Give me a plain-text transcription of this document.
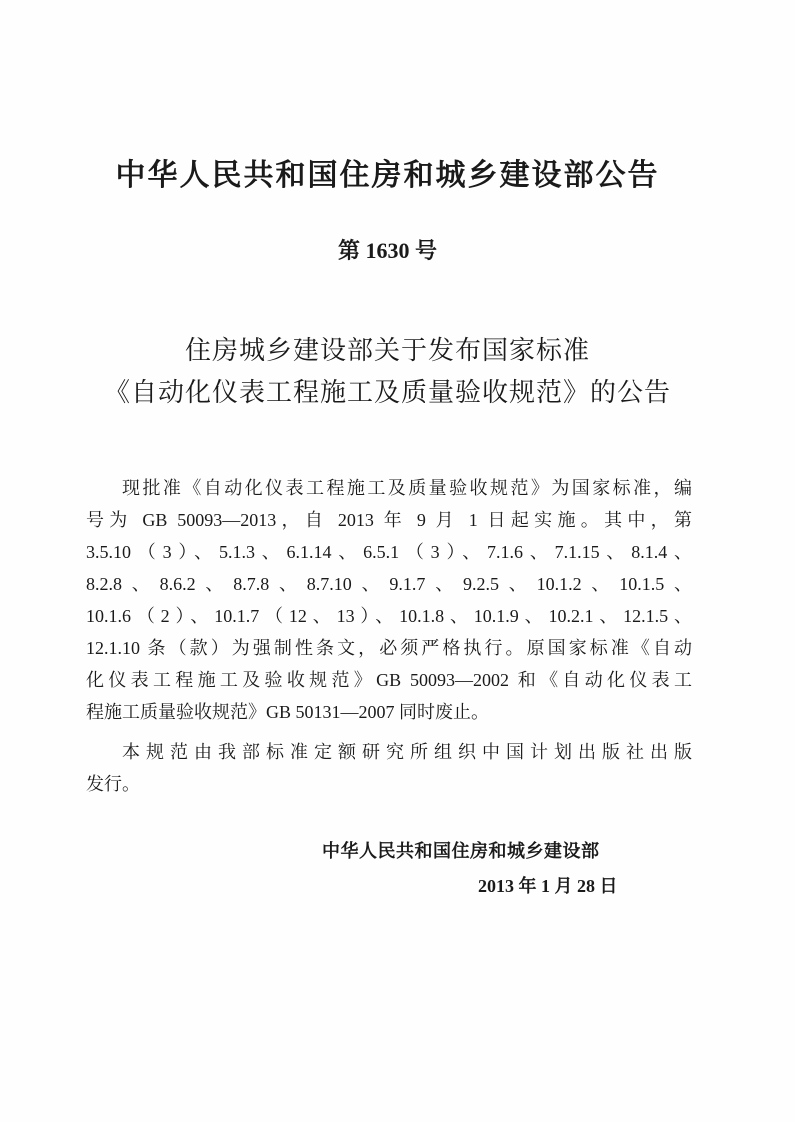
中华人民共和国住房和城乡建设部公告
第 1630 号
住房城乡建设部关于发布国家标准
《自动化仪表工程施工及质量验收规范》的公告
现批准《自动化仪表工程施工及质量验收规范》为国家标准，编
号为 GB 50093—2013，自 2013 年 9 月 1 日起实施。其中，第
3.5.10（3）、5.1.3、6.1.14、6.5.1（3）、7.1.6、7.1.15、8.1.4、
8.2.8、8.6.2、8.7.8、8.7.10、9.1.7、9.2.5、10.1.2、10.1.5、
10.1.6（2）、10.1.7（12、13）、10.1.8、10.1.9、10.2.1、12.1.5、
12.1.10 条（款）为强制性条文，必须严格执行。原国家标准《自动
化仪表工程施工及验收规范》GB 50093—2002 和《自动化仪表工
程施工质量验收规范》GB 50131—2007 同时废止。
本规范由我部标准定额研究所组织中国计划出版社出版
发行。
中华人民共和国住房和城乡建设部
2013 年 1 月 28 日
